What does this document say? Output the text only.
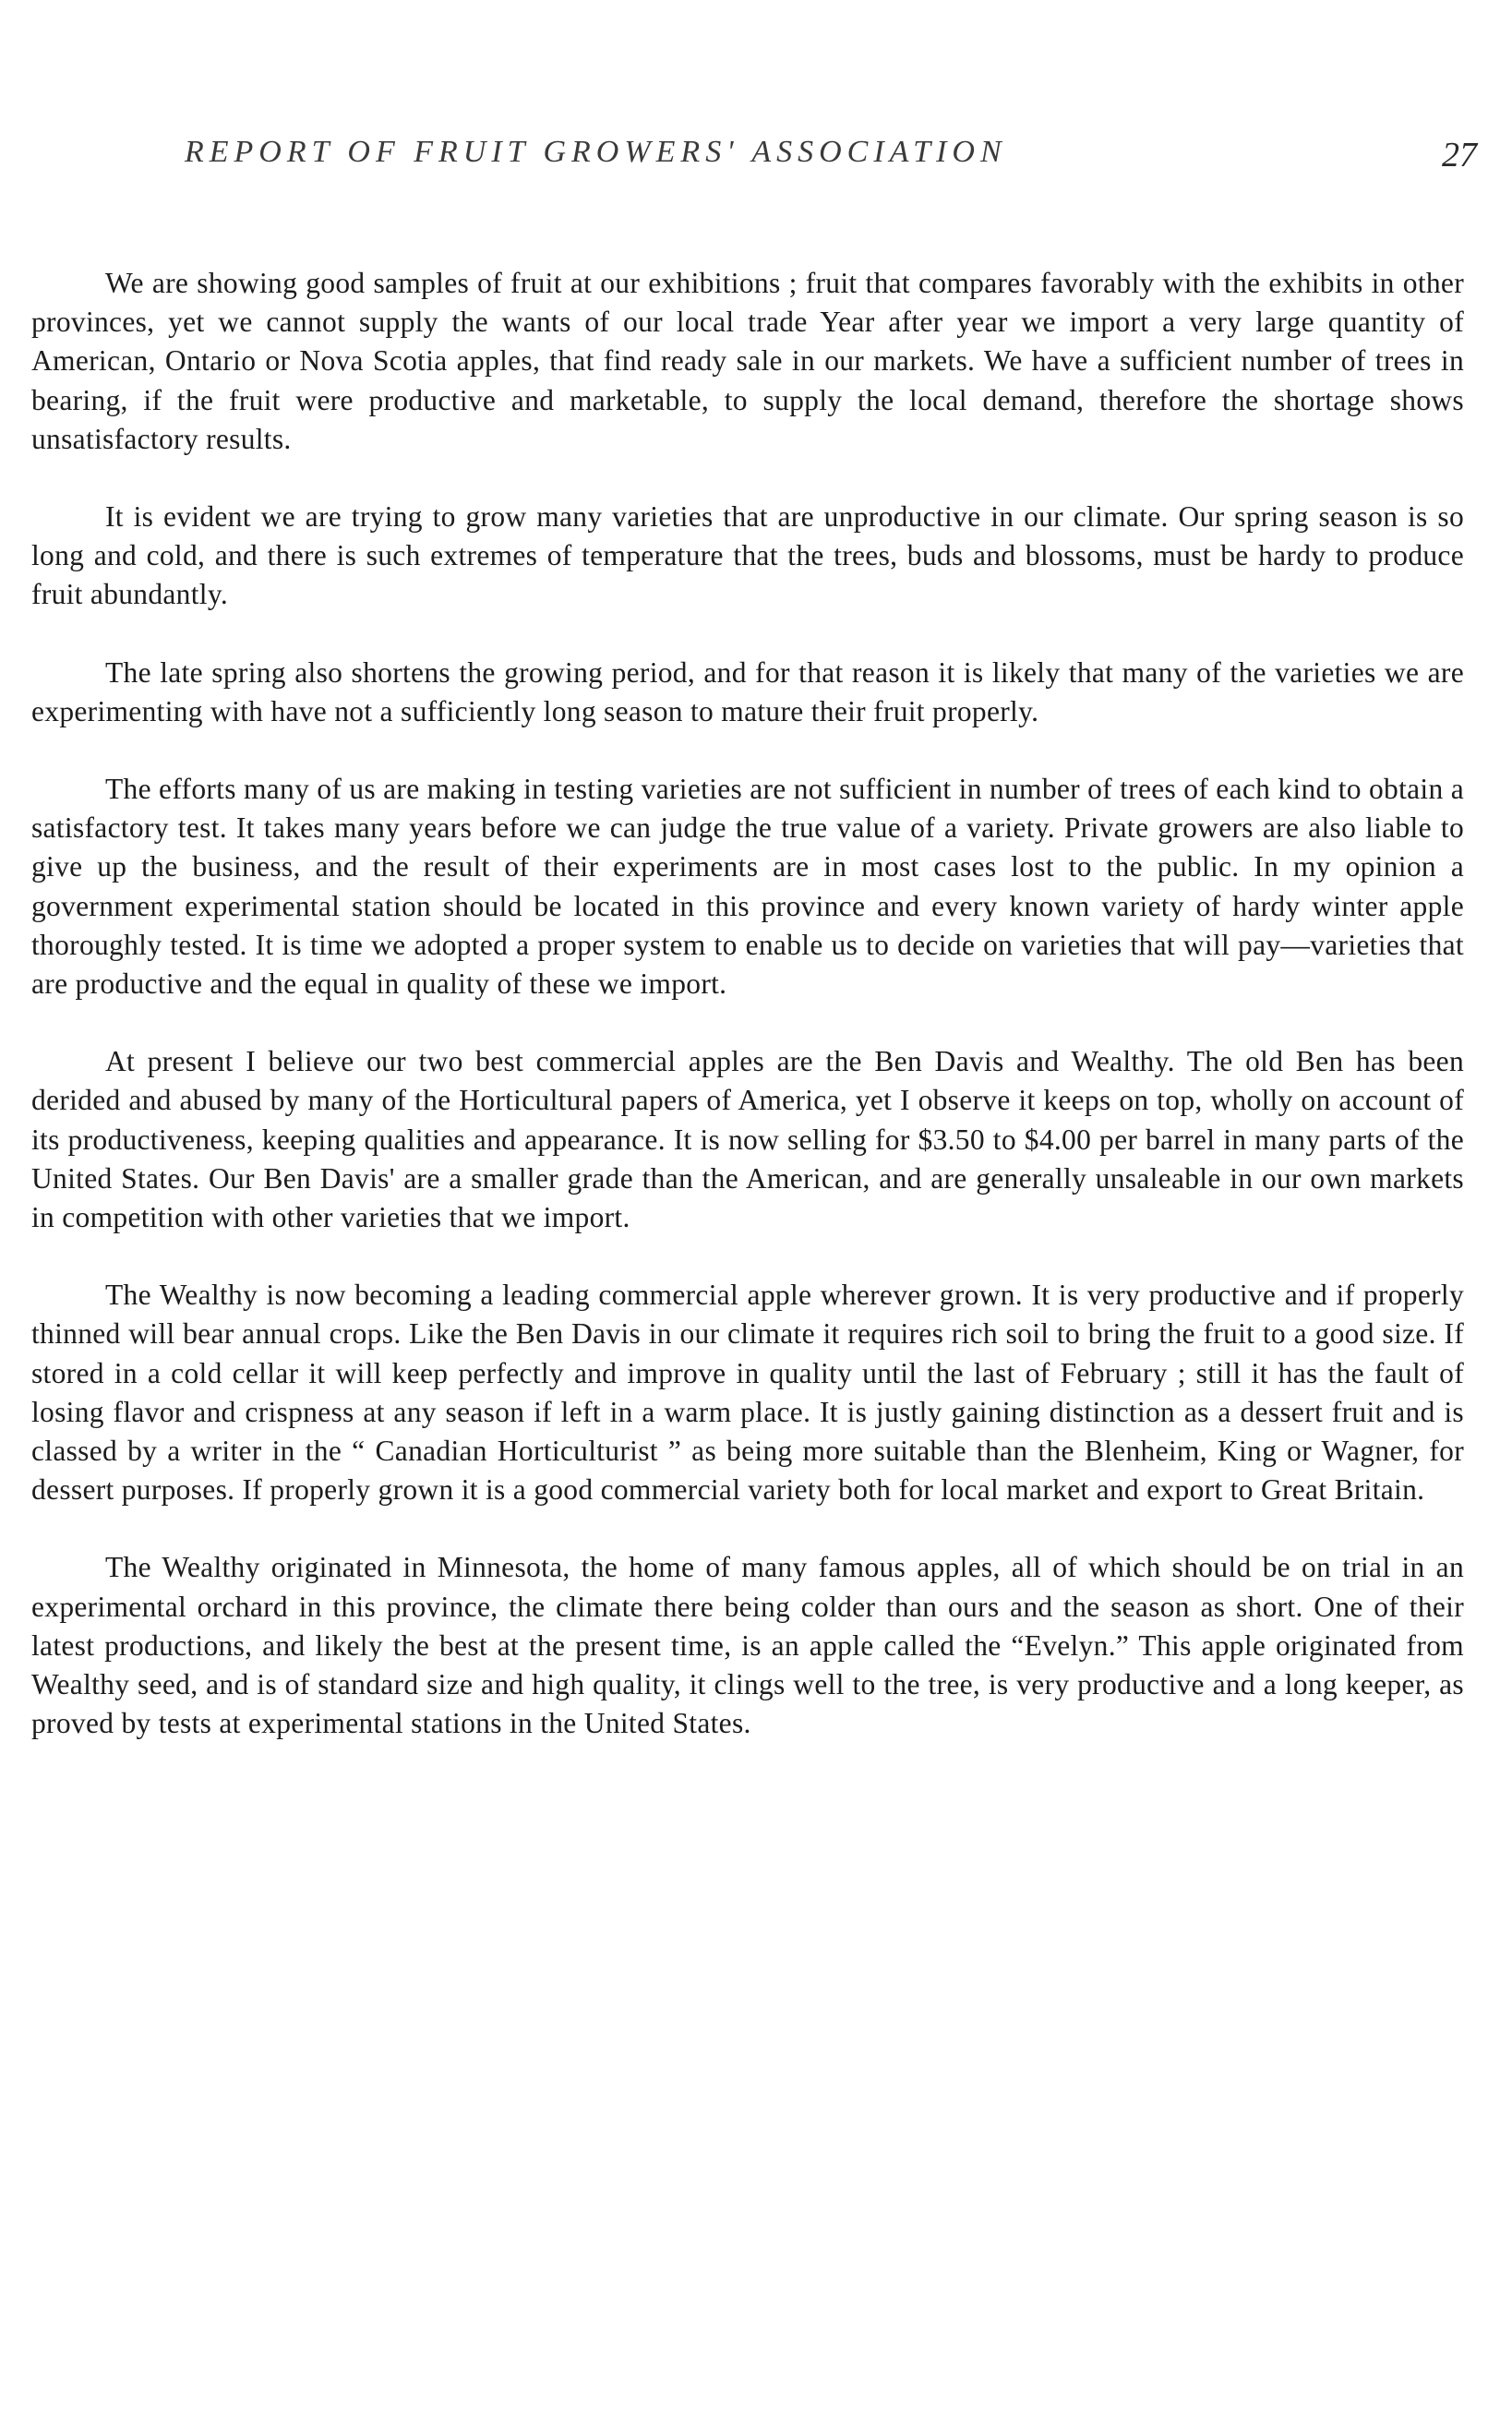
REPORT OF FRUIT GROWERS' ASSOCIATION	27

We are showing good samples of fruit at our exhibitions ; fruit that compares favorably with the exhibits in other provinces, yet we cannot supply the wants of our local trade Year after year we import a very large quantity of American, Ontario or Nova Scotia apples, that find ready sale in our markets. We have a sufficient number of trees in bearing, if the fruit were productive and marketable, to supply the local demand, therefore the shortage shows unsatisfactory results.

It is evident we are trying to grow many varieties that are unproductive in our climate. Our spring season is so long and cold, and there is such extremes of temperature that the trees, buds and blossoms, must be hardy to produce fruit abundantly.

The late spring also shortens the growing period, and for that reason it is likely that many of the varieties we are experimenting with have not a sufficiently long season to mature their fruit properly.

The efforts many of us are making in testing varieties are not sufficient in number of trees of each kind to obtain a satisfactory test. It takes many years before we can judge the true value of a variety. Private growers are also liable to give up the business, and the result of their experiments are in most cases lost to the public. In my opinion a government experimental station should be located in this province and every known variety of hardy winter apple thoroughly tested. It is time we adopted a proper system to enable us to decide on varieties that will pay—varieties that are productive and the equal in quality of these we import.

At present I believe our two best commercial apples are the Ben Davis and Wealthy. The old Ben has been derided and abused by many of the Horticultural papers of America, yet I observe it keeps on top, wholly on account of its productiveness, keeping qualities and appearance. It is now selling for $3.50 to $4.00 per barrel in many parts of the United States. Our Ben Davis' are a smaller grade than the American, and are generally unsaleable in our own markets in competition with other varieties that we import.

The Wealthy is now becoming a leading commercial apple wherever grown. It is very productive and if properly thinned will bear annual crops. Like the Ben Davis in our climate it requires rich soil to bring the fruit to a good size. If stored in a cold cellar it will keep perfectly and improve in quality until the last of February ; still it has the fault of losing flavor and crispness at any season if left in a warm place. It is justly gaining distinction as a dessert fruit and is classed by a writer in the “ Canadian Horticulturist ” as being more suitable than the Blenheim, King or Wagner, for dessert purposes. If properly grown it is a good commercial variety both for local market and export to Great Britain.

The Wealthy originated in Minnesota, the home of many famous apples, all of which should be on trial in an experimental orchard in this province, the climate there being colder than ours and the season as short. One of their latest productions, and likely the best at the present time, is an apple called the “Evelyn.” This apple originated from Wealthy seed, and is of standard size and high quality, it clings well to the tree, is very productive and a long keeper, as proved by tests at experimental stations in the United States.
